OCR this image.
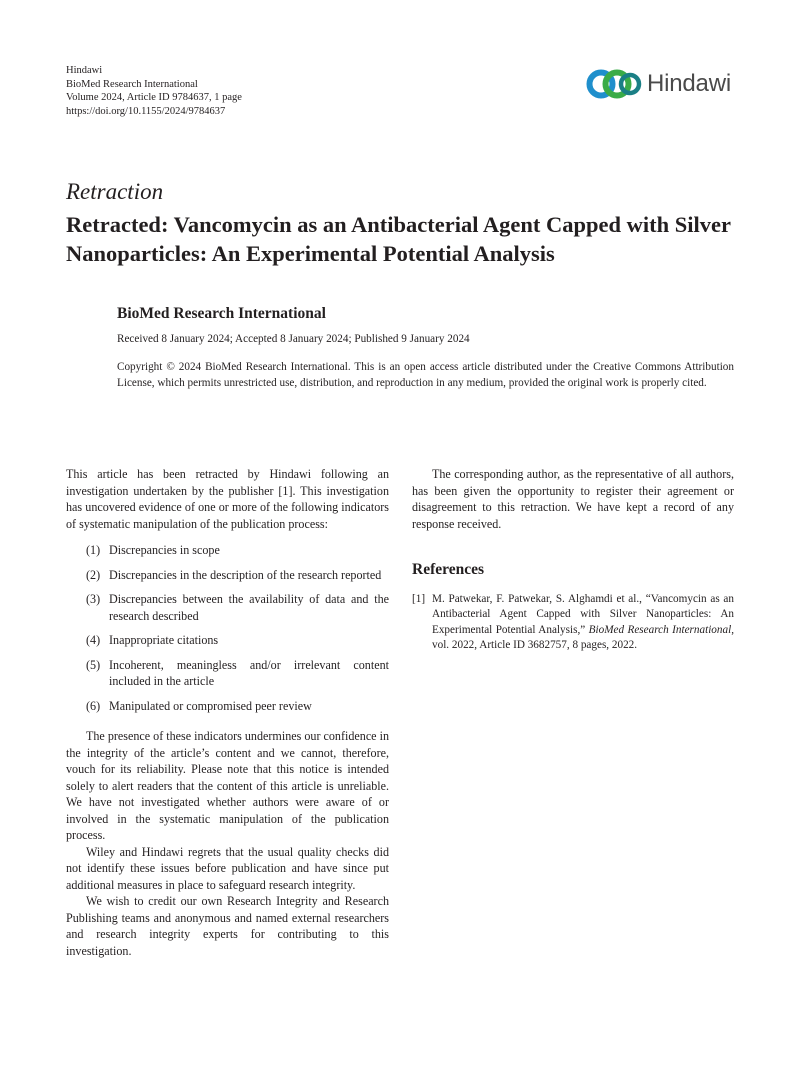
Hindawi
BioMed Research International
Volume 2024, Article ID 9784637, 1 page
https://doi.org/10.1155/2024/9784637
Hindawi
Retraction
Retracted: Vancomycin as an Antibacterial Agent Capped with Silver Nanoparticles: An Experimental Potential Analysis
BioMed Research International
Received 8 January 2024; Accepted 8 January 2024; Published 9 January 2024

Copyright © 2024 BioMed Research International. This is an open access article distributed under the Creative Commons Attribution License, which permits unrestricted use, distribution, and reproduction in any medium, provided the original work is properly cited.

This article has been retracted by Hindawi following an investigation undertaken by the publisher [1]. This investigation has uncovered evidence of one or more of the following indicators of systematic manipulation of the publication process:

(1) Discrepancies in scope
(2) Discrepancies in the description of the research reported
(3) Discrepancies between the availability of data and the research described
(4) Inappropriate citations
(5) Incoherent, meaningless and/or irrelevant content included in the article
(6) Manipulated or compromised peer review

The presence of these indicators undermines our confidence in the integrity of the article’s content and we cannot, therefore, vouch for its reliability. Please note that this notice is intended solely to alert readers that the content of this article is unreliable. We have not investigated whether authors were aware of or involved in the systematic manipulation of the publication process.

Wiley and Hindawi regrets that the usual quality checks did not identify these issues before publication and have since put additional measures in place to safeguard research integrity.

We wish to credit our own Research Integrity and Research Publishing teams and anonymous and named external researchers and research integrity experts for contributing to this investigation.

The corresponding author, as the representative of all authors, has been given the opportunity to register their agreement or disagreement to this retraction. We have kept a record of any response received.

References
[1] M. Patwekar, F. Patwekar, S. Alghamdi et al., “Vancomycin as an Antibacterial Agent Capped with Silver Nanoparticles: An Experimental Potential Analysis,” BioMed Research International, vol. 2022, Article ID 3682757, 8 pages, 2022.
